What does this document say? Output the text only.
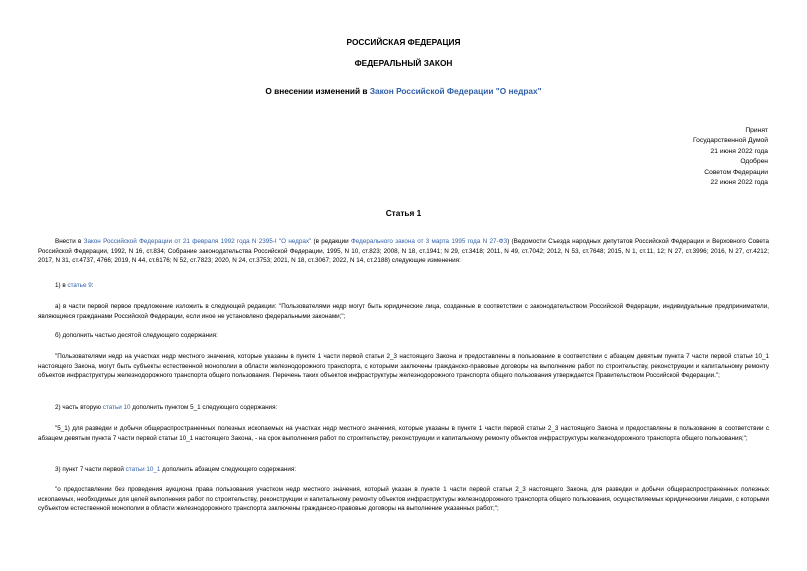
РОССИЙСКАЯ ФЕДЕРАЦИЯ
ФЕДЕРАЛЬНЫЙ ЗАКОН
О внесении изменений в Закон Российской Федерации "О недрах"
Принят
Государственной Думой
21 июня 2022 года
Одобрен
Советом Федерации
22 июня 2022 года
Статья 1
Внести в Закон Российской Федерации от 21 февраля 1992 года N 2395-I "О недрах" (в редакции Федерального закона от 3 марта 1995 года N 27-ФЗ) (Ведомости Съезда народных депутатов Российской Федерации и Верховного Совета Российской Федерации, 1992, N 16, ст.834; Собрание законодательства Российской Федерации, 1995, N 10, ст.823; 2008, N 18, ст.1941; N 29, ст.3418; 2011, N 49, ст.7042; 2012, N 53, ст.7648; 2015, N 1, ст.11, 12; N 27, ст.3996; 2016, N 27, ст.4212; 2017, N 31, ст.4737, 4766; 2019, N 44, ст.6176; N 52, ст.7823; 2020, N 24, ст.3753; 2021, N 18, ст.3067; 2022, N 14, ст.2188) следующие изменения:
1) в статье 9:
а) в части первой первое предложение изложить в следующей редакции: "Пользователями недр могут быть юридические лица, созданные в соответствии с законодательством Российской Федерации, индивидуальные предприниматели, являющиеся гражданами Российской Федерации, если иное не установлено федеральными законами;";
б) дополнить частью десятой следующего содержания:
"Пользователями недр на участках недр местного значения, которые указаны в пункте 1 части первой статьи 2_3 настоящего Закона и предоставлены в пользование в соответствии с абзацем девятым пункта 7 части первой статьи 10_1 настоящего Закона, могут быть субъекты естественной монополии в области железнодорожного транспорта, с которыми заключены гражданско-правовые договоры на выполнение работ по строительству, реконструкции и капитальному ремонту объектов инфраструктуры железнодорожного транспорта общего пользования. Перечень таких объектов инфраструктуры железнодорожного транспорта общего пользования утверждается Правительством Российской Федерации.";
2) часть вторую статьи 10 дополнить пунктом 5_1 следующего содержания:
"5_1) для разведки и добычи общераспространенных полезных ископаемых на участках недр местного значения, которые указаны в пункте 1 части первой статьи 2_3 настоящего Закона и предоставлены в пользование в соответствии с абзацем девятым пункта 7 части первой статьи 10_1 настоящего Закона, - на срок выполнения работ по строительству, реконструкции и капитальному ремонту объектов инфраструктуры железнодорожного транспорта общего пользования;";
3) пункт 7 части первой статьи 10_1 дополнить абзацем следующего содержания:
"о предоставлении без проведения аукциона права пользования участком недр местного значения, который указан в пункте 1 части первой статьи 2_3 настоящего Закона, для разведки и добычи общераспространенных полезных ископаемых, необходимых для целей выполнения работ по строительству, реконструкции и капитальному ремонту объектов инфраструктуры железнодорожного транспорта общего пользования, осуществляемых юридическими лицами, с которыми субъектом естественной монополии в области железнодорожного транспорта заключены гражданско-правовые договоры на выполнение указанных работ;";
